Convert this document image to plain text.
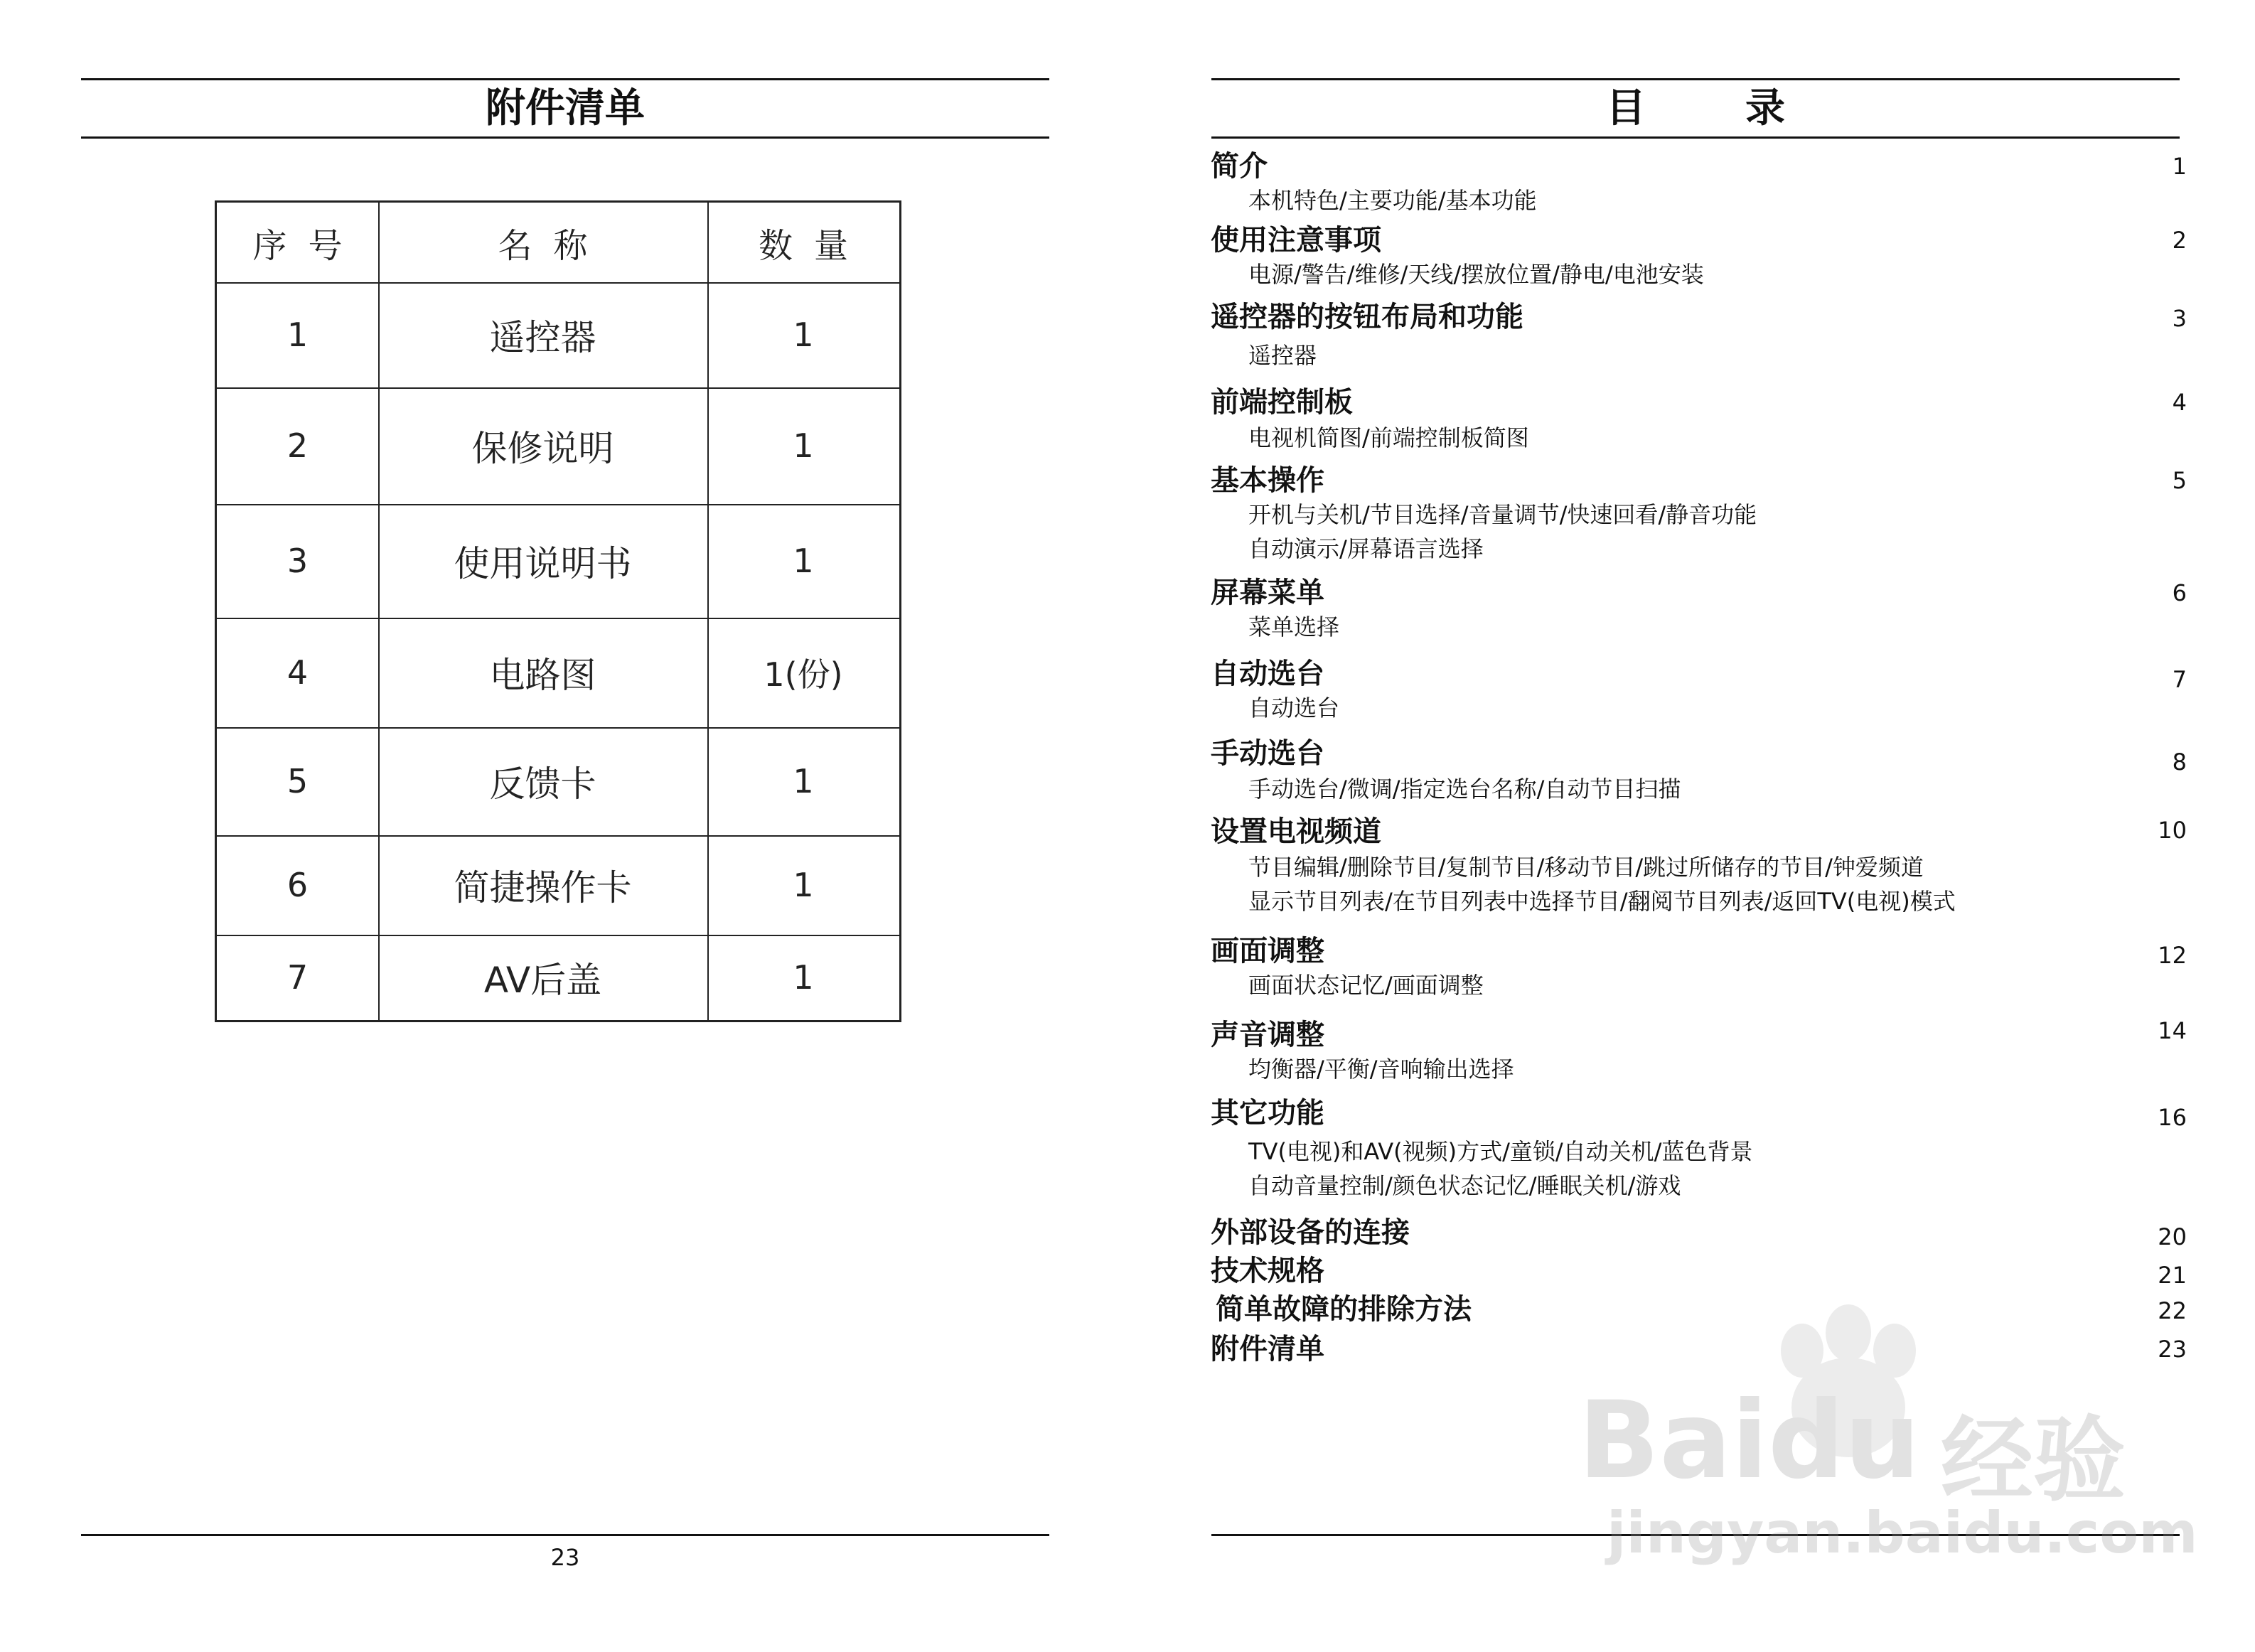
附件清单
序号	名称	数量
1	遥控器	1
2	保修说明	1
3	使用说明书	1
4	电路图	1(份)
5	反馈卡	1
6	简捷操作卡	1
7	AV后盖	1
23
目录
简介	1
本机特色/主要功能/基本功能
使用注意事项	2
电源/警告/维修/天线/摆放位置/静电/电池安装
遥控器的按钮布局和功能	3
遥控器
前端控制板	4
电视机简图/前端控制板简图
基本操作	5
开机与关机/节目选择/音量调节/快速回看/静音功能
自动演示/屏幕语言选择
屏幕菜单	6
菜单选择
自动选台	7
自动选台
手动选台	8
手动选台/微调/指定选台名称/自动节目扫描
设置电视频道	10
节目编辑/删除节目/复制节目/移动节目/跳过所储存的节目/钟爱频道
显示节目列表/在节目列表中选择节目/翻阅节目列表/返回TV(电视)模式
画面调整	12
画面状态记忆/画面调整
声音调整	14
均衡器/平衡/音响输出选择
其它功能	16
TV(电视)和AV(视频)方式/童锁/自动关机/蓝色背景
自动音量控制/颜色状态记忆/睡眠关机/游戏
外部设备的连接	20
技术规格	21
简单故障的排除方法	22
附件清单	23
Baidu 经验
jingyan.baidu.com
